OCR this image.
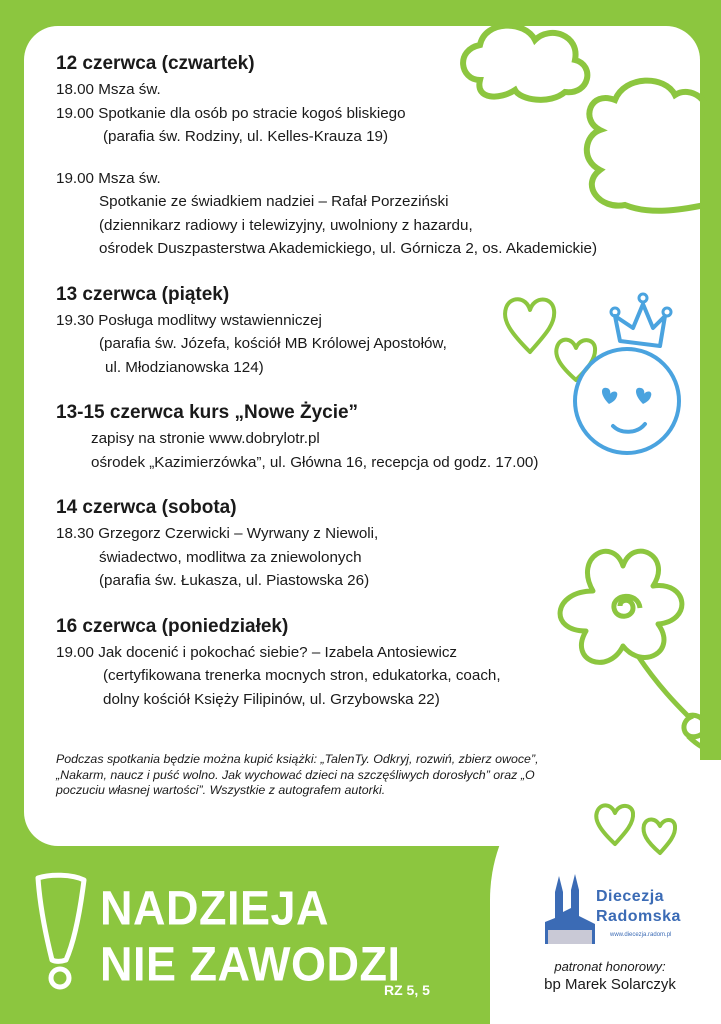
12 czerwca (czwartek)
18.00 Msza św.
19.00 Spotkanie dla osób po stracie kogoś bliskiego
(parafia św. Rodziny, ul. Kelles-Krauza 19)
19.00 Msza św.
Spotkanie ze świadkiem nadziei – Rafał Porzeziński
(dziennikarz radiowy i telewizyjny, uwolniony z hazardu,
ośrodek Duszpasterstwa Akademickiego, ul. Górnicza 2, os. Akademickie)
13 czerwca (piątek)
19.30 Posługa modlitwy wstawienniczej
(parafia św. Józefa, kościół MB Królowej Apostołów,
ul. Młodzianowska 124)
13-15 czerwca kurs „Nowe Życie”
zapisy na stronie www.dobrylotr.pl
ośrodek „Kazimierzówka”, ul. Główna 16, recepcja od godz. 17.00)
14 czerwca (sobota)
18.30 Grzegorz Czerwicki – Wyrwany z Niewoli,
świadectwo, modlitwa za zniewolonych
(parafia św. Łukasza, ul. Piastowska 26)
16 czerwca (poniedziałek)
19.00 Jak docenić i pokochać siebie? – Izabela Antosiewicz
(certyfikowana trenerka mocnych stron, edukatorka, coach,
dolny kościół Księży Filipinów, ul. Grzybowska 22)
Podczas spotkania będzie można kupić książki: „TalenTy. Odkryj, rozwiń, zbierz owoce”, „Nakarm, naucz i puść wolno. Jak wychować dzieci na szczęśliwych dorosłych” oraz „O poczuciu własnej wartości”. Wszystkie z autografem autorki.
NADZIEJA
NIE ZAWODZI
RZ 5, 5
Diecezja
Radomska
www.diecezja.radom.pl
patronat honorowy:
bp Marek Solarczyk
